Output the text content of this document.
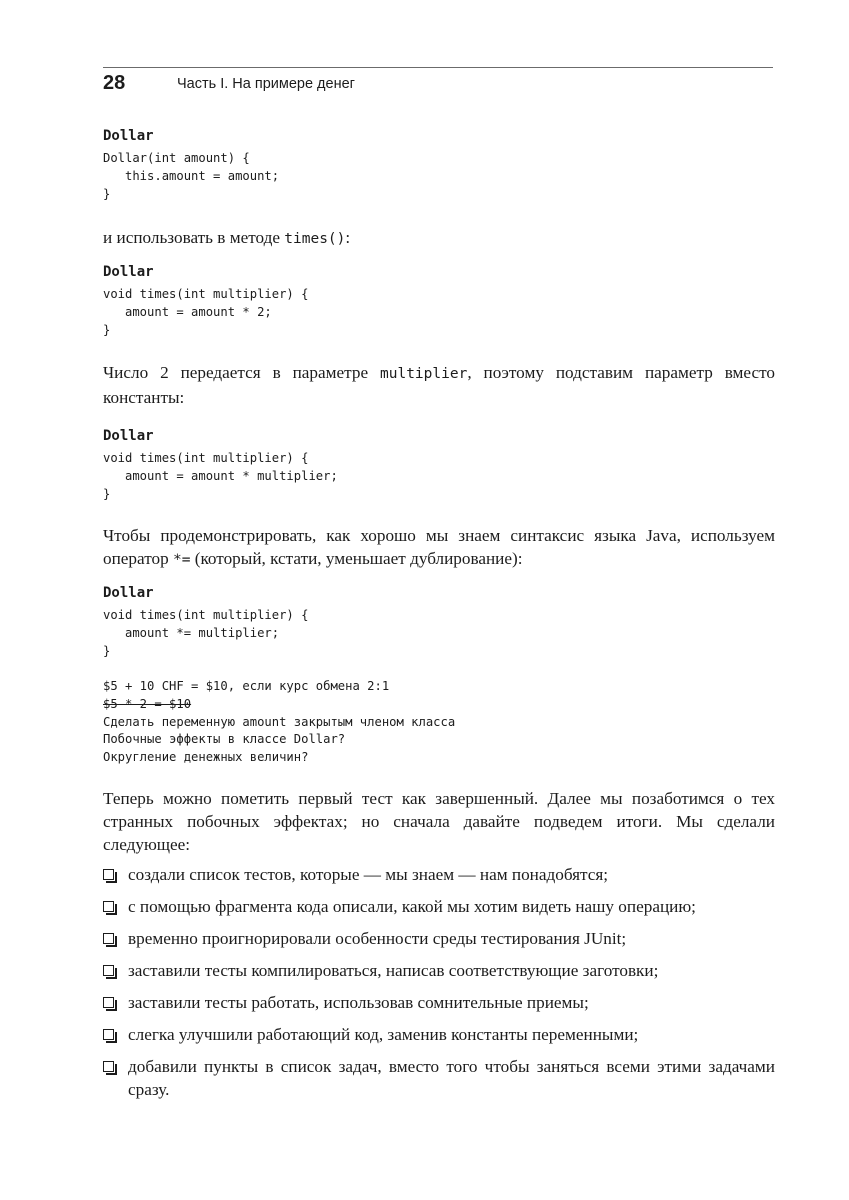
28	Часть I. На примере денег
Dollar
Dollar(int amount) {
this.amount = amount;
}
и использовать в методе times():
Dollar
void times(int multiplier) {
amount = amount * 2;
}
Число 2 передается в параметре multiplier, поэтому подставим параметр вместо константы:
Dollar
void times(int multiplier) {
amount = amount * multiplier;
}
Чтобы продемонстрировать, как хорошо мы знаем синтаксис языка Java, используем оператор *= (который, кстати, уменьшает дублирование):
Dollar
void times(int multiplier) {
amount *= multiplier;
}
$5 + 10 CHF = $10, если курс обмена 2:1
$5 * 2 = $10
Сделать переменную amount закрытым членом класса
Побочные эффекты в классе Dollar?
Округление денежных величин?
Теперь можно пометить первый тест как завершенный. Далее мы позаботимся о тех странных побочных эффектах; но сначала давайте подведем итоги. Мы сделали следующее:
создали список тестов, которые — мы знаем — нам понадобятся;
с помощью фрагмента кода описали, какой мы хотим видеть нашу операцию;
временно проигнорировали особенности среды тестирования JUnit;
заставили тесты компилироваться, написав соответствующие заготовки;
заставили тесты работать, использовав сомнительные приемы;
слегка улучшили работающий код, заменив константы переменными;
добавили пункты в список задач, вместо того чтобы заняться всеми этими задачами сразу.
